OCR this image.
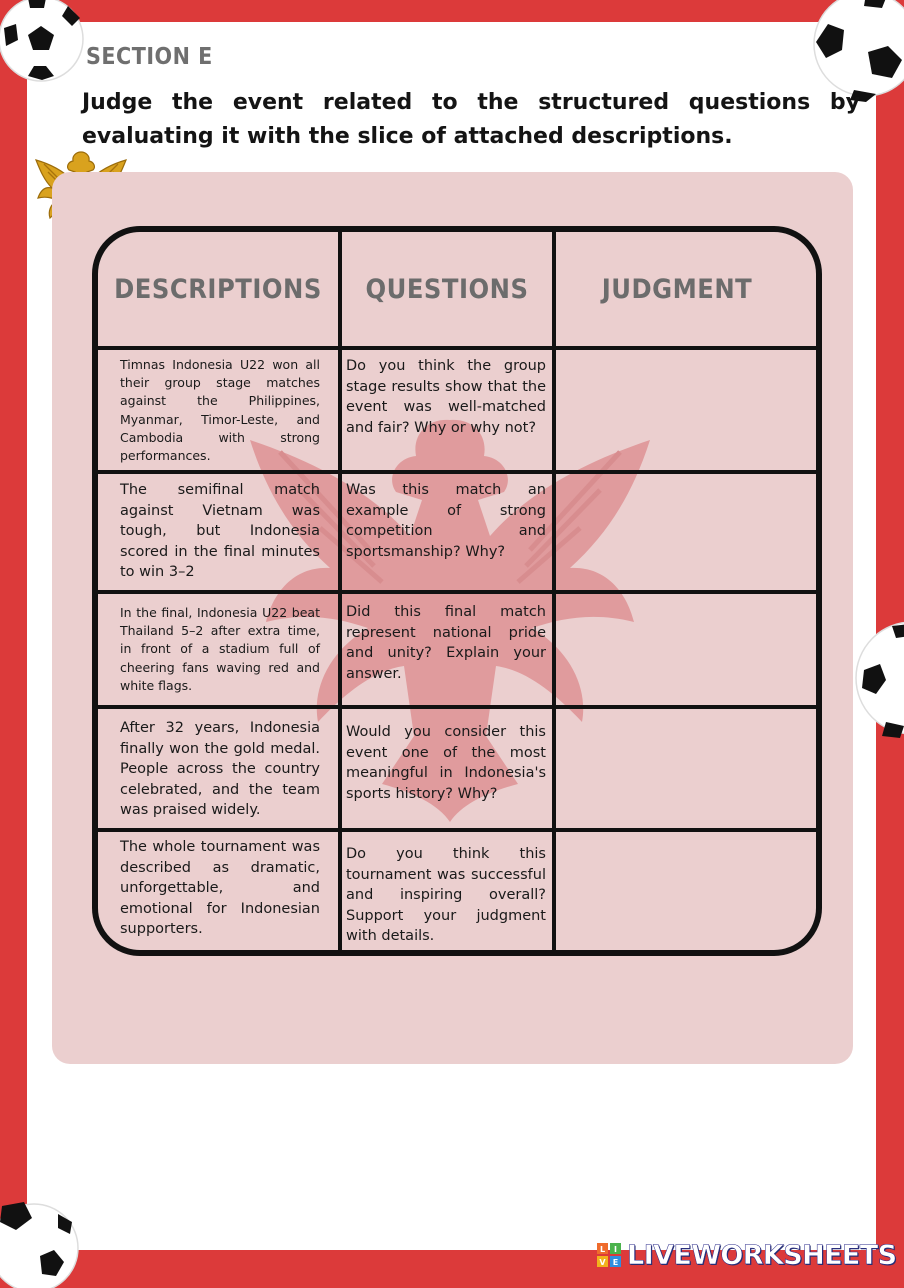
SECTION E
Judge the event related to the structured questions by evaluating it with the slice of attached descriptions.
DESCRIPTIONS	QUESTIONS	JUDGMENT
Timnas Indonesia U22 won all their group stage matches against the Philippines, Myanmar, Timor-Leste, and Cambodia with strong performances.
Do you think the group stage results show that the event was well-matched and fair? Why or why not?
The semifinal match against Vietnam was tough, but Indonesia scored in the final minutes to win 3–2
Was this match an example of strong competition and sportsmanship? Why?
In the final, Indonesia U22 beat Thailand 5–2 after extra time, in front of a stadium full of cheering fans waving red and white flags.
Did this final match represent national pride and unity? Explain your answer.
After 32 years, Indonesia finally won the gold medal. People across the country celebrated, and the team was praised widely.
Would you consider this event one of the most meaningful in Indonesia's sports history? Why?
The whole tournament was described as dramatic, unforgettable, and emotional for Indonesian supporters.
Do you think this tournament was successful and inspiring overall? Support your judgment with details.
L I
V E LIVEWORKSHEETS
